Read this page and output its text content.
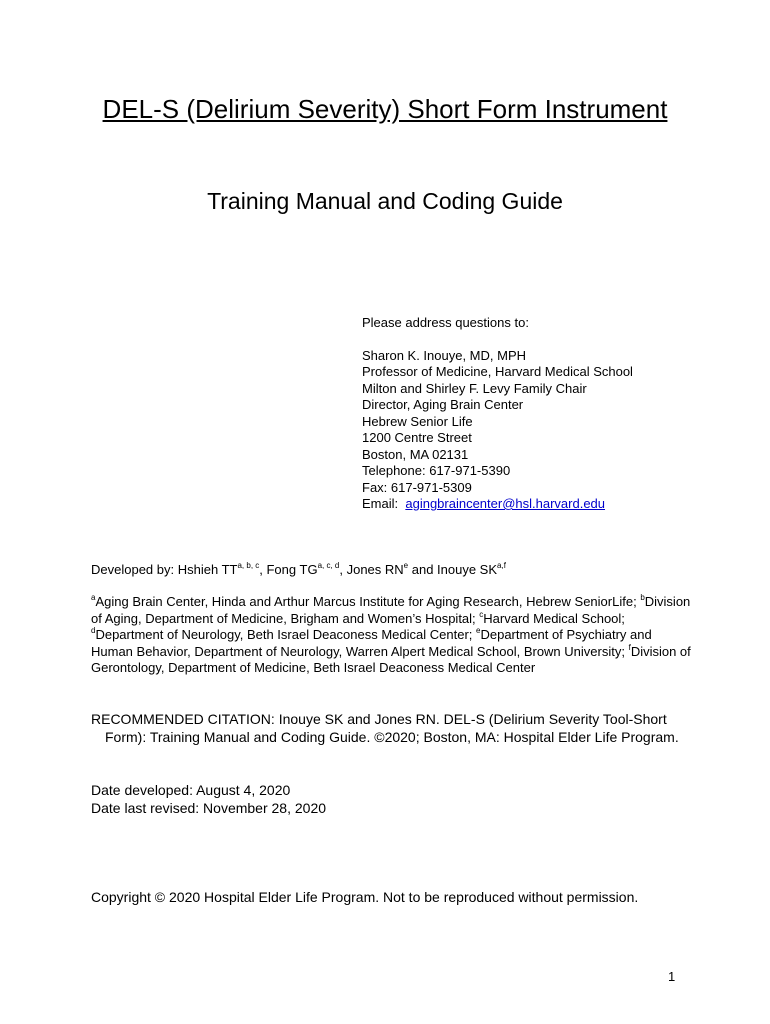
DEL-S (Delirium Severity) Short Form Instrument
Training Manual and Coding Guide
Please address questions to:
Sharon K. Inouye, MD, MPH
Professor of Medicine, Harvard Medical School
Milton and Shirley F. Levy Family Chair
Director, Aging Brain Center
Hebrew Senior Life
1200 Centre Street
Boston, MA 02131
Telephone: 617-971-5390
Fax: 617-971-5309
Email: agingbraincenter@hsl.harvard.edu
Developed by: Hshieh TT$^{a, b, c}$, Fong TG$^{a, c, d}$, Jones $RN^e$ and Inouye SK$^{a,f}$
$^a$Aging Brain Center, Hinda and Arthur Marcus Institute for Aging Research, Hebrew SeniorLife; $^b$Division of Aging, Department of Medicine, Brigham and Women’s Hospital; $^c$Harvard Medical School; $^d$Department of Neurology, Beth Israel Deaconess Medical Center; $^e$Department of Psychiatry and Human Behavior, Department of Neurology, Warren Alpert Medical School, Brown University; $^f$Division of Gerontology, Department of Medicine, Beth Israel Deaconess Medical Center
RECOMMENDED CITATION: Inouye SK and Jones RN. DEL-S (Delirium Severity Tool-Short Form): Training Manual and Coding Guide. ©2020; Boston, MA: Hospital Elder Life Program.
Date developed: August 4, 2020
Date last revised: November 28, 2020
Copyright © 2020 Hospital Elder Life Program. Not to be reproduced without permission.
1
